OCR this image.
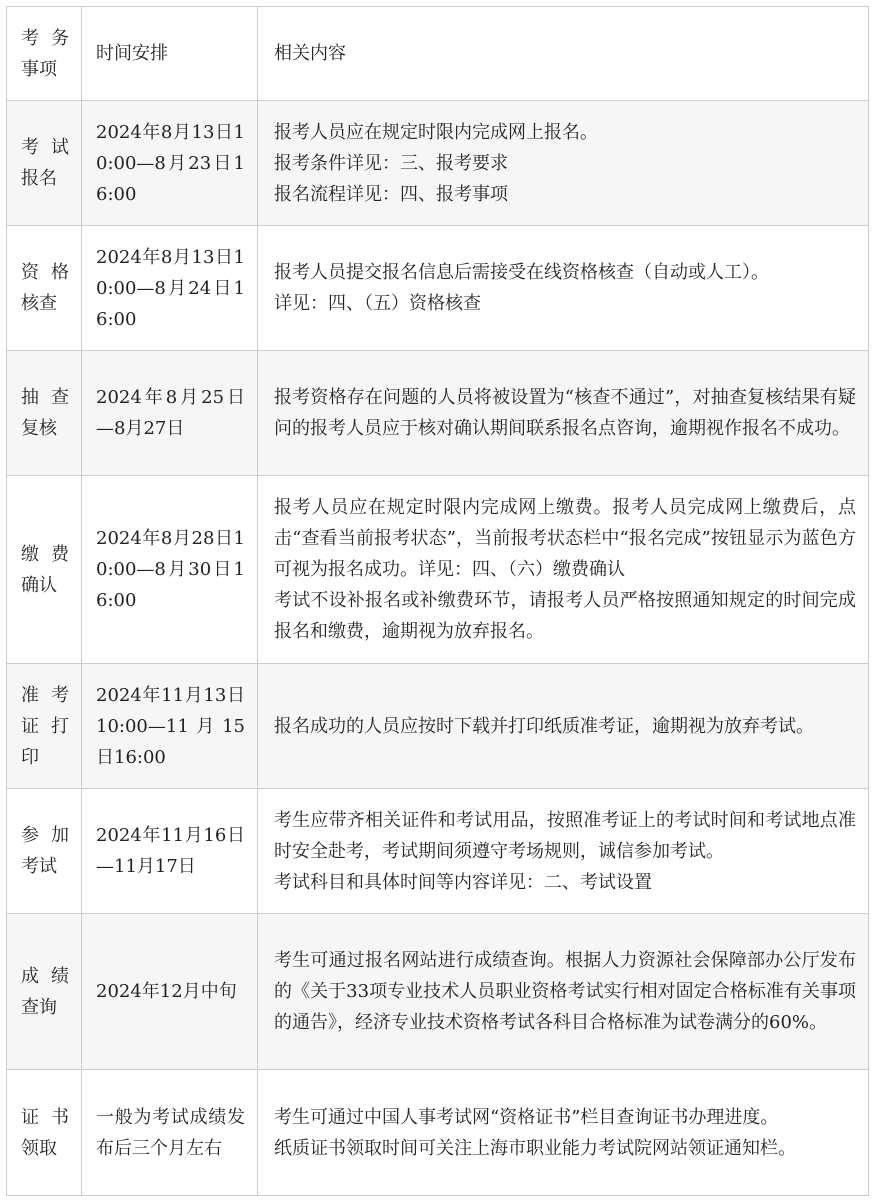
考务事项	时间安排	相关内容
考试报名	2024年8月13日10:00—8月23日16:00	报考人员应在规定时限内完成网上报名。
报考条件详见：三、报考要求
报名流程详见：四、报考事项

资格核查	2024年8月13日10:00—8月24日16:00	报考人员提交报名信息后需接受在线资格核查（自动或人工）。
详见：四、（五）资格核查

抽查复核	2024年8月25日—8月27日	报考资格存在问题的人员将被设置为“核查不通过”，对抽查复核结果有疑问的报考人员应于核对确认期间联系报名点咨询，逾期视作报名不成功。

缴费确认	2024年8月28日10:00—8月30日16:00	报考人员应在规定时限内完成网上缴费。报考人员完成网上缴费后，点击“查看当前报考状态”，当前报考状态栏中“报名完成”按钮显示为蓝色方可视为报名成功。详见：四、（六）缴费确认
考试不设补报名或补缴费环节，请报考人员严格按照通知规定的时间完成报名和缴费，逾期视为放弃报名。

准考证打印	2024年11月13日10:00—11月15日16:00	报名成功的人员应按时下载并打印纸质准考证，逾期视为放弃考试。

参加考试	2024年11月16日—11月17日	考生应带齐相关证件和考试用品，按照准考证上的考试时间和考试地点准时安全赴考，考试期间须遵守考场规则，诚信参加考试。
考试科目和具体时间等内容详见：二、考试设置

成绩查询	2024年12月中旬	考生可通过报名网站进行成绩查询。根据人力资源社会保障部办公厅发布的《关于33项专业技术人员职业资格考试实行相对固定合格标准有关事项的通告》，经济专业技术资格考试各科目合格标准为试卷满分的60%。

证书领取	一般为考试成绩发布后三个月左右	考生可通过中国人事考试网“资格证书”栏目查询证书办理进度。
纸质证书领取时间可关注上海市职业能力考试院网站领证通知栏。
